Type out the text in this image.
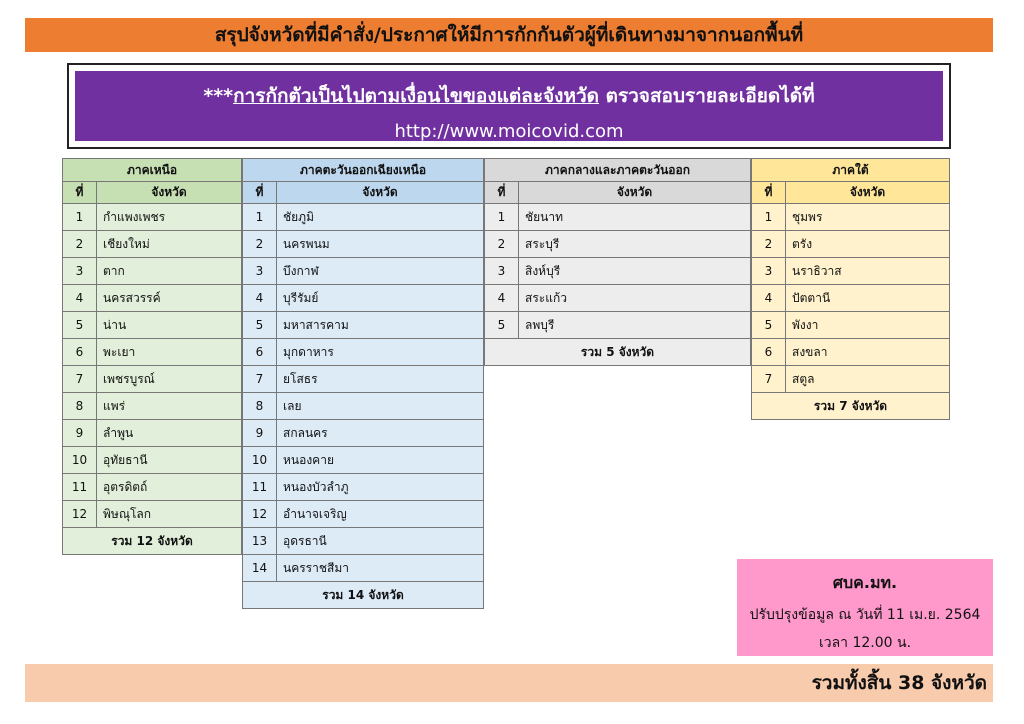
สรุปจังหวัดที่มีคำสั่ง/ประกาศให้มีการกักกันตัวผู้ที่เดินทางมาจากนอกพื้นที่
***การกักตัวเป็นไปตามเงื่อนไขของแต่ละจังหวัด ตรวจสอบรายละเอียดได้ที่
http://www.moicovid.com
ภาคเหนือ	
ที่	จังหวัด
1	กำแพงเพชร
2	เชียงใหม่
3	ตาก
4	นครสวรรค์
5	น่าน
6	พะเยา
7	เพชรบูรณ์
8	แพร่
9	ลำพูน
10	อุทัยธานี
11	อุตรดิตถ์
12	พิษณุโลก
รวม 12 จังหวัด	
ภาคตะวันออกเฉียงเหนือ	
ที่	จังหวัด
1	ชัยภูมิ
2	นครพนม
3	บึงกาฬ
4	บุรีรัมย์
5	มหาสารคาม
6	มุกดาหาร
7	ยโสธร
8	เลย
9	สกลนคร
10	หนองคาย
11	หนองบัวลำภู
12	อำนาจเจริญ
13	อุดรธานี
14	นครราชสีมา
รวม 14 จังหวัด	
ภาคกลางและภาคตะวันออก	
ที่	จังหวัด
1	ชัยนาท
2	สระบุรี
3	สิงห์บุรี
4	สระแก้ว
5	ลพบุรี
รวม 5 จังหวัด	
ภาคใต้	
ที่	จังหวัด
1	ชุมพร
2	ตรัง
3	นราธิวาส
4	ปัตตานี
5	พังงา
6	สงขลา
7	สตูล
รวม 7 จังหวัด	
ศบค.มท.
ปรับปรุงข้อมูล ณ วันที่ 11 เม.ย. 2564
เวลา 12.00 น.
รวมทั้งสิ้น 38 จังหวัด
